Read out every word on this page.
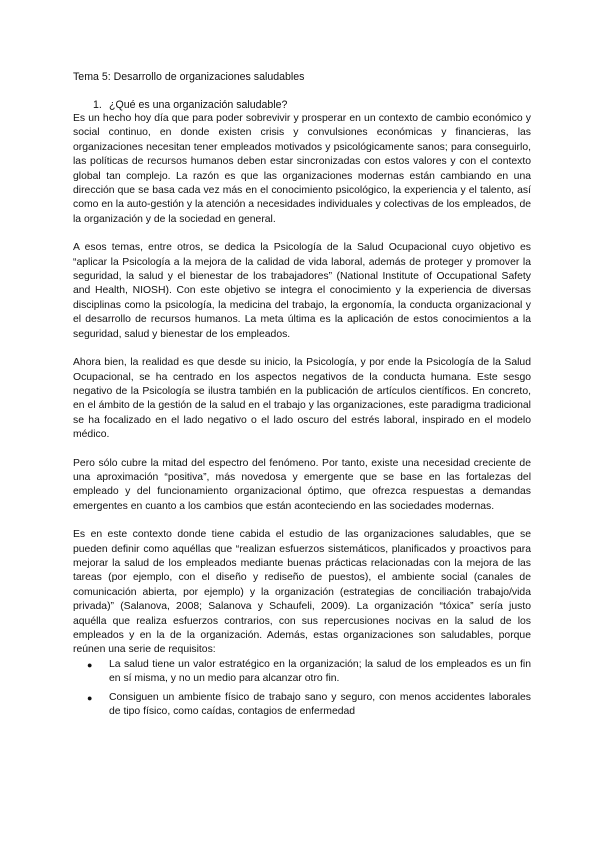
Tema 5: Desarrollo de organizaciones saludables
1. ¿Qué es una organización saludable?

Es un hecho hoy día que para poder sobrevivir y prosperar en un contexto de cambio económico y social continuo, en donde existen crisis y convulsiones económicas y financieras, las organizaciones necesitan tener empleados motivados y psicológicamente sanos; para conseguirlo, las políticas de recursos humanos deben estar sincronizadas con estos valores y con el contexto global tan complejo. La razón es que las organizaciones modernas están cambiando en una dirección que se basa cada vez más en el conocimiento psicológico, la experiencia y el talento, así como en la auto-gestión y la atención a necesidades individuales y colectivas de los empleados, de la organización y de la sociedad en general.

A esos temas, entre otros, se dedica la Psicología de la Salud Ocupacional cuyo objetivo es “aplicar la Psicología a la mejora de la calidad de vida laboral, además de proteger y promover la seguridad, la salud y el bienestar de los trabajadores” (National Institute of Occupational Safety and Health, NIOSH). Con este objetivo se integra el conocimiento y la experiencia de diversas disciplinas como la psicología, la medicina del trabajo, la ergonomía, la conducta organizacional y el desarrollo de recursos humanos. La meta última es la aplicación de estos conocimientos a la seguridad, salud y bienestar de los empleados.

Ahora bien, la realidad es que desde su inicio, la Psicología, y por ende la Psicología de la Salud Ocupacional, se ha centrado en los aspectos negativos de la conducta humana. Este sesgo negativo de la Psicología se ilustra también en la publicación de artículos científicos. En concreto, en el ámbito de la gestión de la salud en el trabajo y las organizaciones, este paradigma tradicional se ha focalizado en el lado negativo o el lado oscuro del estrés laboral, inspirado en el modelo médico.

Pero sólo cubre la mitad del espectro del fenómeno. Por tanto, existe una necesidad creciente de una aproximación “positiva”, más novedosa y emergente que se base en las fortalezas del empleado y del funcionamiento organizacional óptimo, que ofrezca respuestas a demandas emergentes en cuanto a los cambios que están aconteciendo en las sociedades modernas.

Es en este contexto donde tiene cabida el estudio de las organizaciones saludables, que se pueden definir como aquéllas que “realizan esfuerzos sistemáticos, planificados y proactivos para mejorar la salud de los empleados mediante buenas prácticas relacionadas con la mejora de las tareas (por ejemplo, con el diseño y rediseño de puestos), el ambiente social (canales de comunicación abierta, por ejemplo) y la organización (estrategias de conciliación trabajo/vida privada)” (Salanova, 2008; Salanova y Schaufeli, 2009). La organización “tóxica” sería justo aquélla que realiza esfuerzos contrarios, con sus repercusiones nocivas en la salud de los empleados y en la de la organización. Además, estas organizaciones son saludables, porque reúnen una serie de requisitos:

● La salud tiene un valor estratégico en la organización; la salud de los empleados es un fin en sí misma, y no un medio para alcanzar otro fin.
● Consiguen un ambiente físico de trabajo sano y seguro, con menos accidentes laborales de tipo físico, como caídas, contagios de enfermedad
